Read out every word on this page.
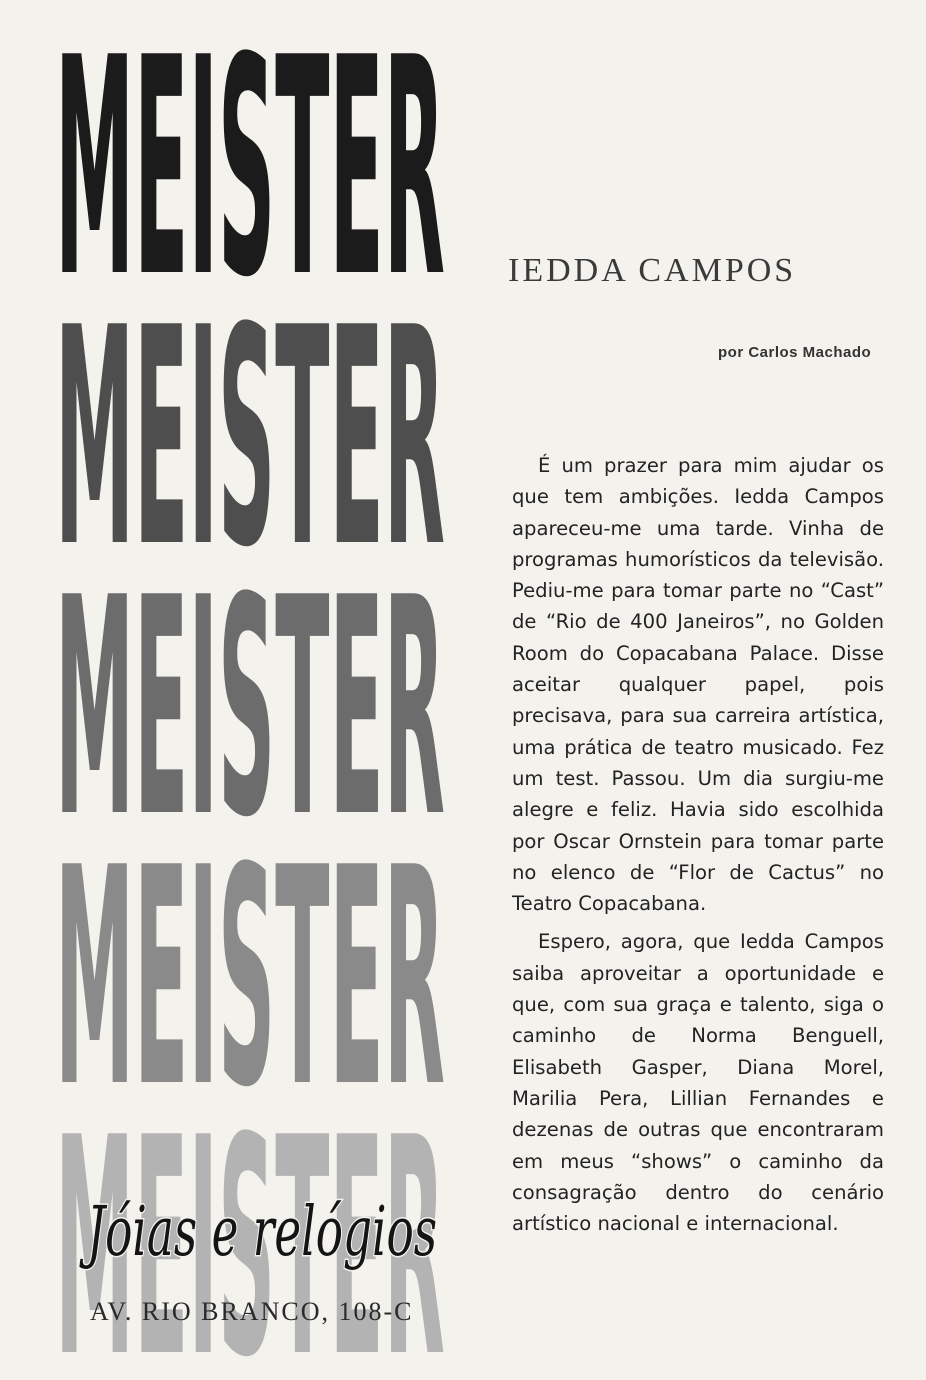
MEISTER
MEISTER
MEISTER
MEISTER
MEISTER
Jóias e relógios
AV. RIO BRANCO, 108-C
IEDDA CAMPOS
por Carlos Machado

É um prazer para mim ajudar os que tem ambições. Iedda Campos apareceu-me uma tarde. Vinha de programas humorísticos da televisão. Pediu-me para tomar parte no “Cast” de “Rio de 400 Janeiros”, no Golden Room do Copacabana Palace. Disse aceitar qualquer papel, pois precisava, para sua carreira artística, uma prática de teatro musicado. Fez um test. Passou. Um dia surgiu-me alegre e feliz. Havia sido escolhida por Oscar Ornstein para tomar parte no elenco de “Flor de Cactus” no Teatro Copacabana.

Espero, agora, que Iedda Campos saiba aproveitar a oportunidade e que, com sua graça e talento, siga o caminho de Norma Benguell, Elisabeth Gasper, Diana Morel, Marilia Pera, Lillian Fernandes e dezenas de outras que encontraram em meus “shows” o caminho da consagração dentro do cenário artístico nacional e internacional.
